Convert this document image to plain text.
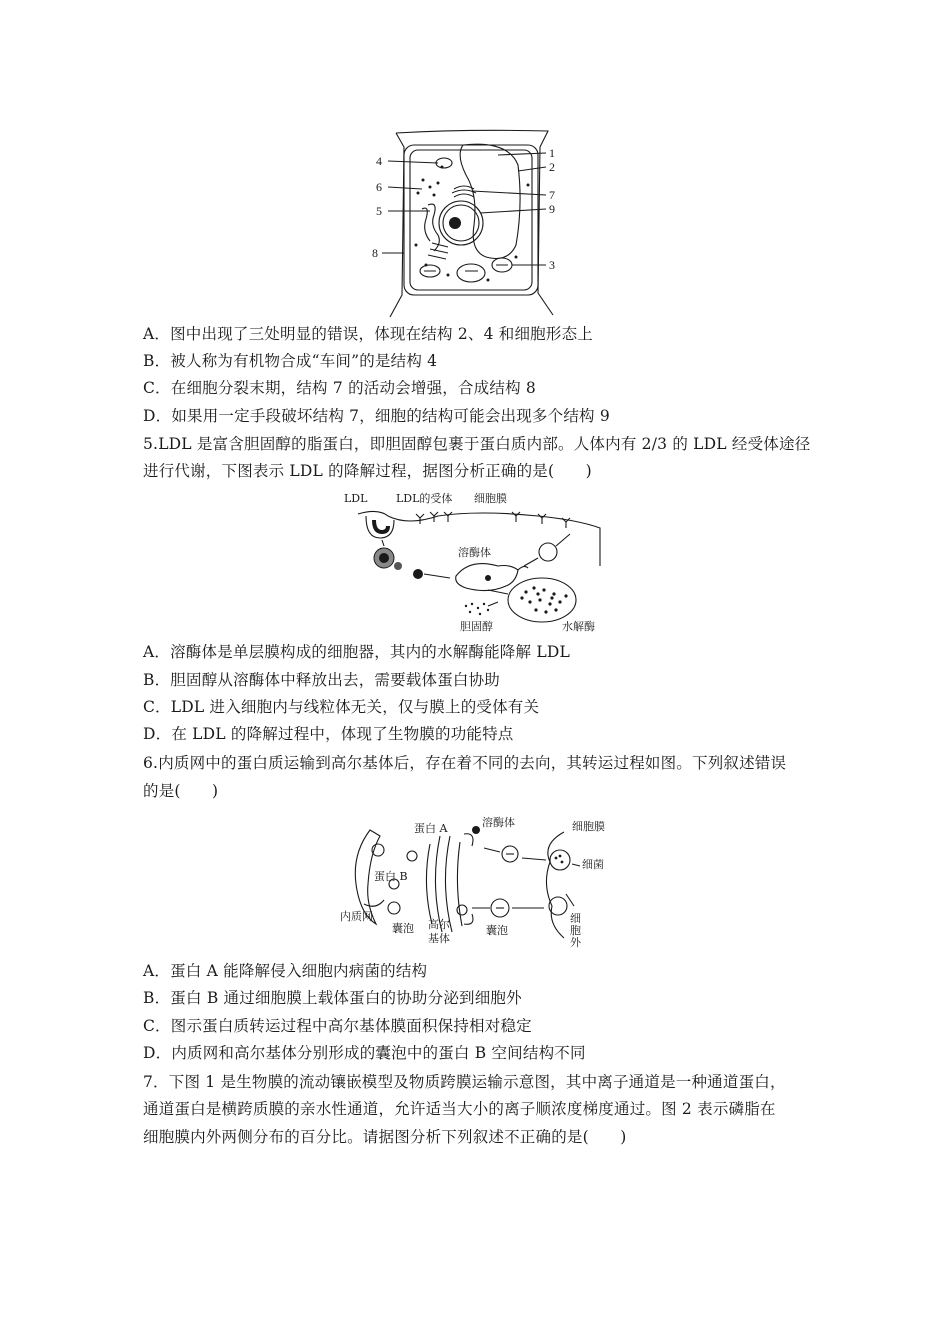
4
6
5
8
1
2
7
9
3
A．图中出现了三处明显的错误，体现在结构 2、4 和细胞形态上
B．被人称为有机物合成“车间”的是结构 4
C．在细胞分裂末期，结构 7 的活动会增强，合成结构 8
D．如果用一定手段破坏结构 7，细胞的结构可能会出现多个结构 9
5.LDL 是富含胆固醇的脂蛋白，即胆固醇包裹于蛋白质内部。人体内有 2/3 的 LDL 经受体途径
进行代谢，下图表示 LDL 的降解过程，据图分析正确的是(　　)
LDL	LDL的受体 细胞膜
溶酶体
胆固醇	水解酶
A．溶酶体是单层膜构成的细胞器，其内的水解酶能降解 LDL
B．胆固醇从溶酶体中释放出去，需要载体蛋白协助
C．LDL 进入细胞内与线粒体无关，仅与膜上的受体有关
D．在 LDL 的降解过程中，体现了生物膜的功能特点
6.内质网中的蛋白质运输到高尔基体后，存在着不同的去向，其转运过程如图。下列叙述错误
的是(　　)
蛋白 A
蛋白 B
内质网
囊泡 高尔
基体
囊泡
溶酶体	细胞膜
细菌
细
胞
外
A．蛋白 A 能降解侵入细胞内病菌的结构
B．蛋白 B 通过细胞膜上载体蛋白的协助分泌到细胞外
C．图示蛋白质转运过程中高尔基体膜面积保持相对稳定
D．内质网和高尔基体分别形成的囊泡中的蛋白 B 空间结构不同
7．下图 1 是生物膜的流动镶嵌模型及物质跨膜运输示意图，其中离子通道是一种通道蛋白，
通道蛋白是横跨质膜的亲水性通道，允许适当大小的离子顺浓度梯度通过。图 2 表示磷脂在
细胞膜内外两侧分布的百分比。请据图分析下列叙述不正确的是(　　)
